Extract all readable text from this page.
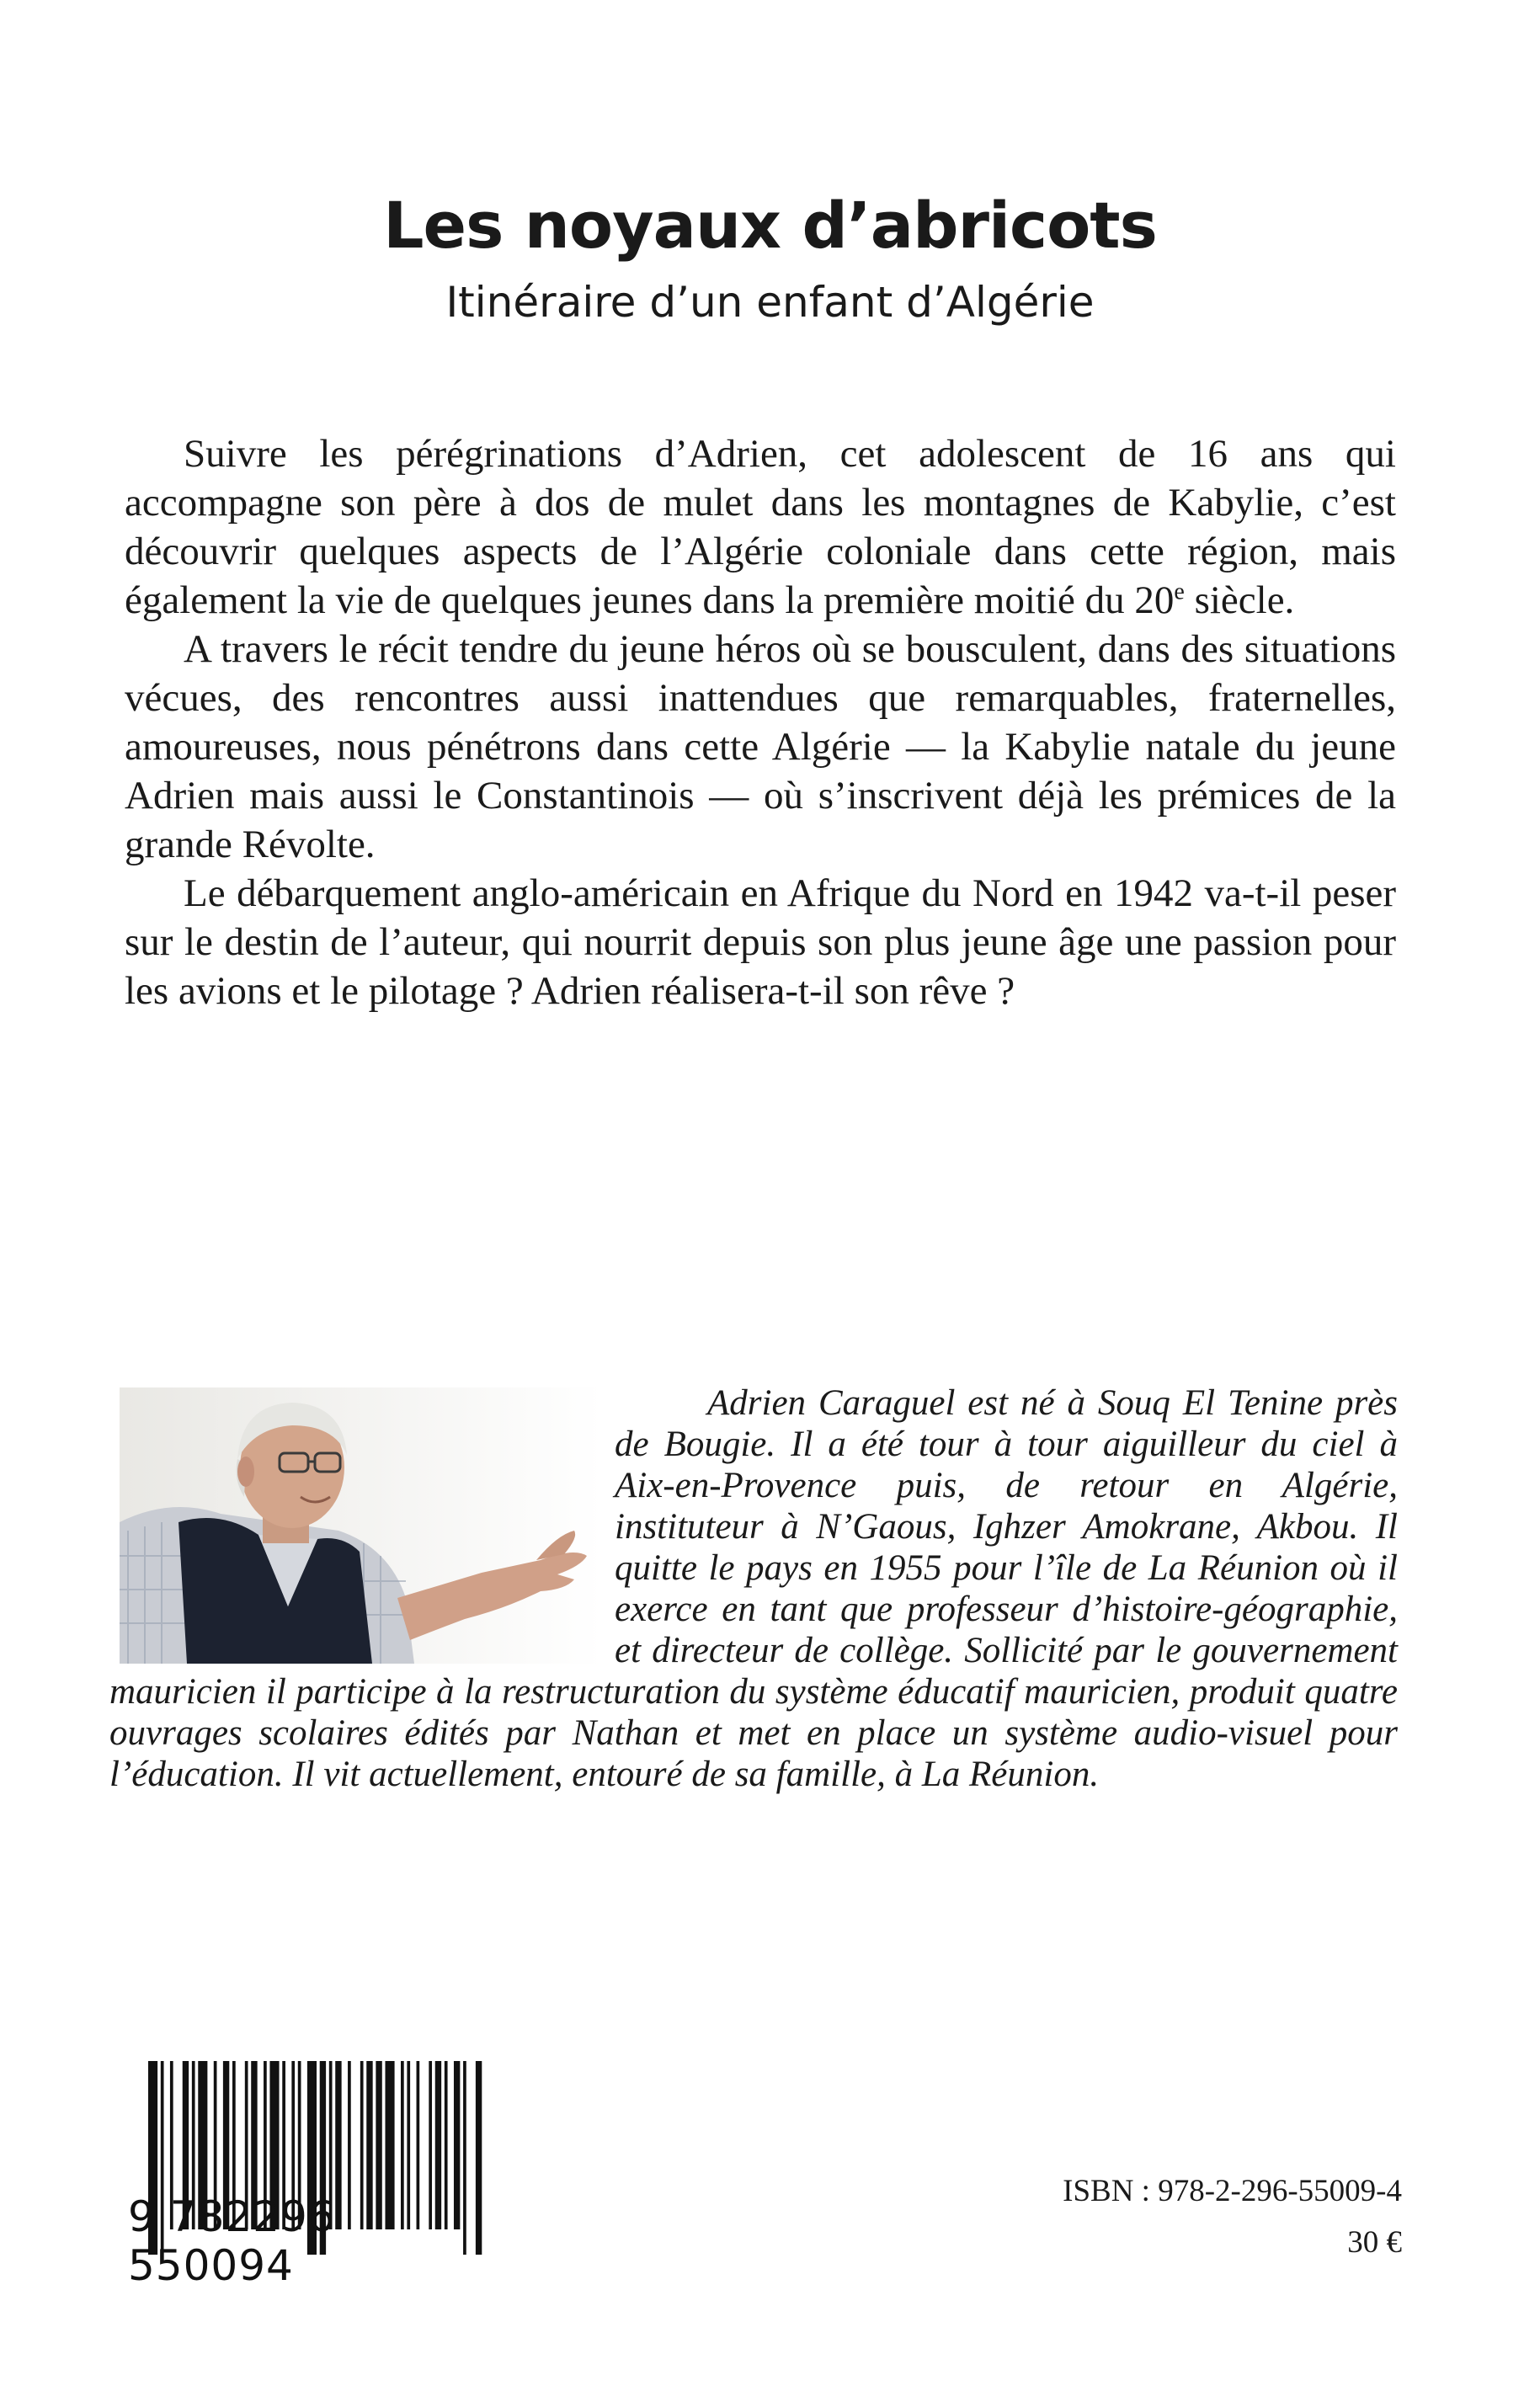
Les noyaux d’abricots
Itinéraire d’un enfant d’Algérie

Suivre les pérégrinations d’Adrien, cet adolescent de 16 ans qui accompagne son père à dos de mulet dans les montagnes de Kabylie, c’est découvrir quelques aspects de l’Algérie coloniale dans cette région, mais également la vie de quelques jeunes dans la première moitié du 20e siècle.

A travers le récit tendre du jeune héros où se bousculent, dans des situations vécues, des rencontres aussi inattendues que remarquables, fraternelles, amoureuses, nous pénétrons dans cette Algérie — la Kabylie natale du jeune Adrien mais aussi le Constantinois — où s’inscrivent déjà les prémices de la grande Révolte.

Le débarquement anglo-américain en Afrique du Nord en 1942 va-t-il peser sur le destin de l’auteur, qui nourrit depuis son plus jeune âge une passion pour les avions et le pilotage ? Adrien réalisera-t-il son rêve ?

Adrien Caraguel est né à Souq El Tenine près de Bougie. Il a été tour à tour aiguilleur du ciel à Aix-en-Provence puis, de retour en Algérie, instituteur à N’Gaous, Ighzer Amokrane, Akbou. Il quitte le pays en 1955 pour l’île de La Réunion où il exerce en tant que professeur d’histoire-géographie, et directeur de collège. Sollicité par le gouvernement mauricien il participe à la restructuration du système éducatif mauricien, produit quatre ouvrages scolaires édités par Nathan et met en place un système audio-visuel pour l’éducation. Il vit actuellement, entouré de sa famille, à La Réunion.

9 782296 550094
ISBN : 978-2-296-55009-4
30 €
